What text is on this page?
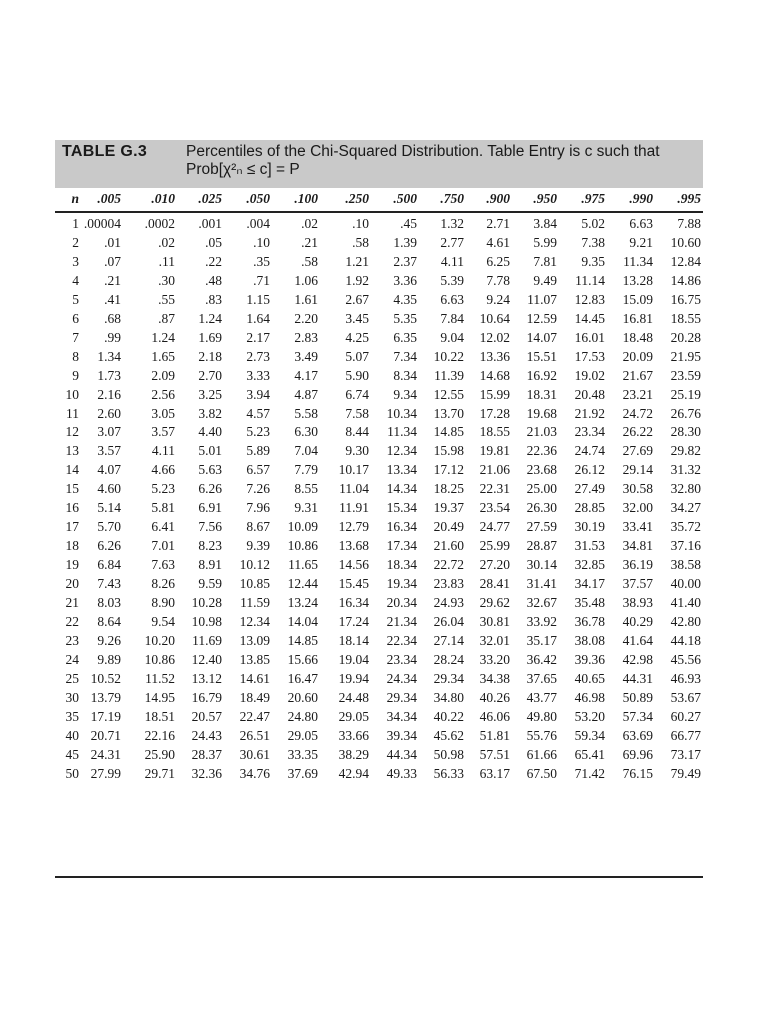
TABLE G.3	Percentiles of the Chi-Squared Distribution. Table Entry is c such that Prob[χ²ₙ ≤ c] = P
n	.005	.010	.025	.050	.100	.250	.500	.750	.900	.950	.975	.990	.995
1 .00004	.0002	.001	.004	.02	.10	.45	1.32	2.71	3.84	5.02	6.63	7.88
2	.01	.02	.05	.10	.21	.58	1.39	2.77	4.61	5.99	7.38	9.21	10.60
3	.07	.11	.22	.35	.58	1.21	2.37	4.11	6.25	7.81	9.35	11.34	12.84
4	.21	.30	.48	.71	1.06	1.92	3.36	5.39	7.78	9.49	11.14	13.28	14.86
5	.41	.55	.83	1.15	1.61	2.67	4.35	6.63	9.24	11.07	12.83	15.09	16.75
6	.68	.87	1.24	1.64	2.20	3.45	5.35	7.84	10.64	12.59	14.45	16.81	18.55
7	.99	1.24	1.69	2.17	2.83	4.25	6.35	9.04	12.02	14.07	16.01	18.48	20.28
8	1.34	1.65	2.18	2.73	3.49	5.07	7.34	10.22	13.36	15.51	17.53	20.09	21.95
9	1.73	2.09	2.70	3.33	4.17	5.90	8.34	11.39	14.68	16.92	19.02	21.67	23.59
10	2.16	2.56	3.25	3.94	4.87	6.74	9.34	12.55	15.99	18.31	20.48	23.21	25.19
11	2.60	3.05	3.82	4.57	5.58	7.58	10.34	13.70	17.28	19.68	21.92	24.72	26.76
12	3.07	3.57	4.40	5.23	6.30	8.44	11.34	14.85	18.55	21.03	23.34	26.22	28.30
13	3.57	4.11	5.01	5.89	7.04	9.30	12.34	15.98	19.81	22.36	24.74	27.69	29.82
14	4.07	4.66	5.63	6.57	7.79	10.17	13.34	17.12	21.06	23.68	26.12	29.14	31.32
15	4.60	5.23	6.26	7.26	8.55	11.04	14.34	18.25	22.31	25.00	27.49	30.58	32.80
16	5.14	5.81	6.91	7.96	9.31	11.91	15.34	19.37	23.54	26.30	28.85	32.00	34.27
17	5.70	6.41	7.56	8.67	10.09	12.79	16.34	20.49	24.77	27.59	30.19	33.41	35.72
18	6.26	7.01	8.23	9.39	10.86	13.68	17.34	21.60	25.99	28.87	31.53	34.81	37.16
19	6.84	7.63	8.91	10.12	11.65	14.56	18.34	22.72	27.20	30.14	32.85	36.19	38.58
20	7.43	8.26	9.59	10.85	12.44	15.45	19.34	23.83	28.41	31.41	34.17	37.57	40.00
21	8.03	8.90	10.28	11.59	13.24	16.34	20.34	24.93	29.62	32.67	35.48	38.93	41.40
22	8.64	9.54	10.98	12.34	14.04	17.24	21.34	26.04	30.81	33.92	36.78	40.29	42.80
23	9.26	10.20	11.69	13.09	14.85	18.14	22.34	27.14	32.01	35.17	38.08	41.64	44.18
24	9.89	10.86	12.40	13.85	15.66	19.04	23.34	28.24	33.20	36.42	39.36	42.98	45.56
25 10.52	11.52	13.12	14.61	16.47	19.94	24.34	29.34	34.38	37.65	40.65	44.31	46.93
30 13.79	14.95	16.79	18.49	20.60	24.48	29.34	34.80	40.26	43.77	46.98	50.89	53.67
35 17.19	18.51	20.57	22.47	24.80	29.05	34.34	40.22	46.06	49.80	53.20	57.34	60.27
40 20.71	22.16	24.43	26.51	29.05	33.66	39.34	45.62	51.81	55.76	59.34	63.69	66.77
45 24.31	25.90	28.37	30.61	33.35	38.29	44.34	50.98	57.51	61.66	65.41	69.96	73.17
50 27.99	29.71	32.36	34.76	37.69	42.94	49.33	56.33	63.17	67.50	71.42	76.15	79.49
